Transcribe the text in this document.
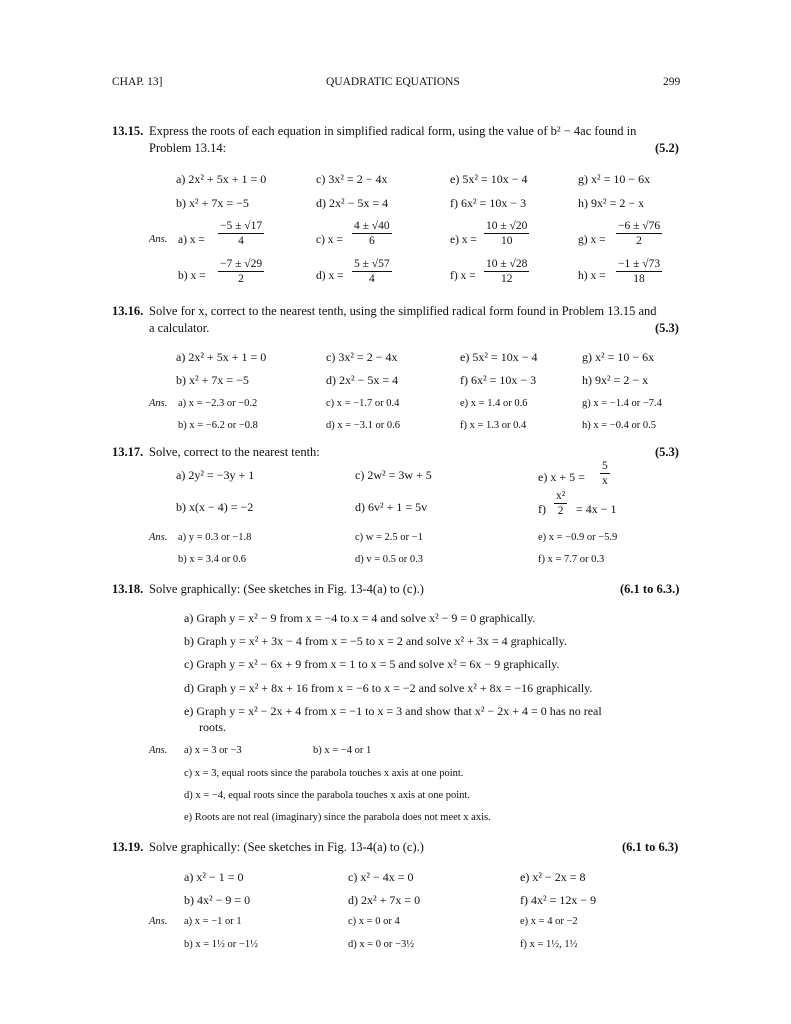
CHAP. 13]	QUADRATIC EQUATIONS	299
13.15. Express the roots of each equation in simplified radical form, using the value of b² − 4ac found in
Problem 13.14:	(5.2)
a) 2x² + 5x + 1 = 0	c) 3x² = 2 − 4x	e) 5x² = 10x − 4	g) x² = 10 − 6x
b) x² + 7x = −5	d) 2x² − 5x = 4	f) 6x² = 10x − 3	h) 9x² = 2 − x
Ans. a) $x = \frac{-5 \pm √17}{4}$	c) $x = \frac{4 \pm √40}{6}$	e) $x = \frac{10 \pm √20}{10}$	g) $x = \frac{-6 \pm √76}{2}$
b) $x = \frac{-7 \pm √29}{2}$	d) $x = \frac{5 \pm √57}{4}$	f) $x = \frac{10 \pm √28}{12}$	h) $x = \frac{-1 \pm √73}{18}$
13.16. Solve for x, correct to the nearest tenth, using the simplified radical form found in Problem 13.15 and
a calculator.	(5.3)
a) 2x² + 5x + 1 = 0	c) 3x² = 2 − 4x	e) 5x² = 10x − 4	g) x² = 10 − 6x
b) x² + 7x = −5	d) 2x² − 5x = 4	f) 6x² = 10x − 3	h) 9x² = 2 − x
Ans. a) x = −2.3 or −0.2	c) x = −1.7 or 0.4	e) x = 1.4 or 0.6	g) x = −1.4 or −7.4
b) x = −6.2 or −0.8	d) x = −3.1 or 0.6	f) x = 1.3 or 0.4	h) x = −0.4 or 0.5
13.17. Solve, correct to the nearest tenth:	(5.3)
a) 2y² = −3y + 1	c) 2w² = 3w + 5	e) $x + 5 = \frac{5}{x}$
b) x(x − 4) = −2	d) 6v² + 1 = 5v	$f) \frac{\text{x²}}{2} = 4x - 1$
Ans. a) y = 0.3 or −1.8	c) w = 2.5 or −1	e) x = −0.9 or −5.9
b) x = 3.4 or 0.6	d) v = 0.5 or 0.3	f) x = 7.7 or 0.3
13.18. Solve graphically: (See sketches in Fig. 13-4(a) to (c).)	(6.1 to 6.3.)
a) Graph y = x² − 9 from x = −4 to x = 4 and solve x² − 9 = 0 graphically.
b) Graph y = x² + 3x − 4 from x = −5 to x = 2 and solve x² + 3x = 4 graphically.
c) Graph y = x² − 6x + 9 from x = 1 to x = 5 and solve x² = 6x − 9 graphically.
d) Graph y = x² + 8x + 16 from x = −6 to x = −2 and solve x² + 8x = −16 graphically.
e) Graph y = x² − 2x + 4 from x = −1 to x = 3 and show that x² − 2x + 4 = 0 has no real
roots.
Ans. a) x = 3 or −3	b) x = −4 or 1
c) x = 3, equal roots since the parabola touches x axis at one point.
d) x = −4, equal roots since the parabola touches x axis at one point.
e) Roots are not real (imaginary) since the parabola does not meet x axis.
13.19. Solve graphically: (See sketches in Fig. 13-4(a) to (c).)	(6.1 to 6.3)
a) x² − 1 = 0	c) x² − 4x = 0	e) x² − 2x = 8
b) 4x² − 9 = 0	d) 2x² + 7x = 0	f) 4x² = 12x − 9
Ans. a) x = −1 or 1	c) x = 0 or 4	e) x = 4 or −2
b) x = 1½ or −1½	d) x = 0 or −3½	f) x = 1½, 1½
